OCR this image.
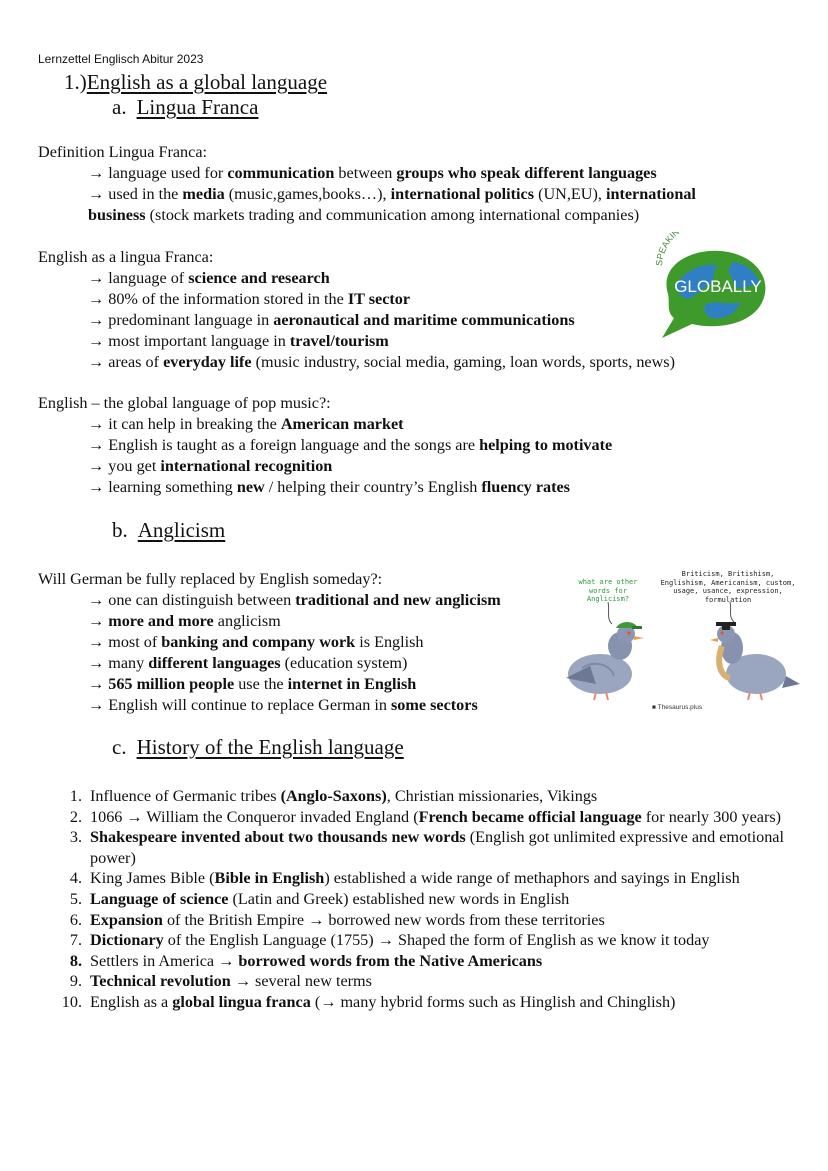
Lernzettel Englisch Abitur 2023
1.)English as a global language
a. Lingua Franca
Definition Lingua Franca:
→ language used for communication between groups who speak different languages
→ used in the media (music,games,books…), international politics (UN,EU), international
business (stock markets trading and communication among international companies)
English as a lingua Franca:
→ language of science and research
→ 80% of the information stored in the IT sector
→ predominant language in aeronautical and maritime communications
→ most important language in travel/tourism
→ areas of everyday life (music industry, social media, gaming, loan words, sports, news)
GLOBALLY
SPEAKIN
English – the global language of pop music?:
→ it can help in breaking the American market
→ English is taught as a foreign language and the songs are helping to motivate
→ you get international recognition
→ learning something new / helping their country’s English fluency rates
b. Anglicism
Will German be fully replaced by English someday?:
→ one can distinguish between traditional and new anglicism
→ more and more anglicism
→ most of banking and company work is English
→ many different languages (education system)
→ 565 million people use the internet in English
→ English will continue to replace German in some sectors
what are other words for Anglicism?
Briticism, Britishism, Englishism, Americanism, custom, usage, usance, expression, formulation
■ Thesaurus.plus
c. History of the English language
1. Influence of Germanic tribes (Anglo-Saxons), Christian missionaries, Vikings
2. 1066 → William the Conqueror invaded England (French became official language for nearly 300 years)
3. Shakespeare invented about two thousands new words (English got unlimited expressive and emotional power)
4. King James Bible (Bible in English) established a wide range of methaphors and sayings in English
5. Language of science (Latin and Greek) established new words in English
6. Expansion of the British Empire → borrowed new words from these territories
7. Dictionary of the English Language (1755) → Shaped the form of English as we know it today
8. Settlers in America → borrowed words from the Native Americans
9. Technical revolution → several new terms
10. English as a global lingua franca (→ many hybrid forms such as Hinglish and Chinglish)
